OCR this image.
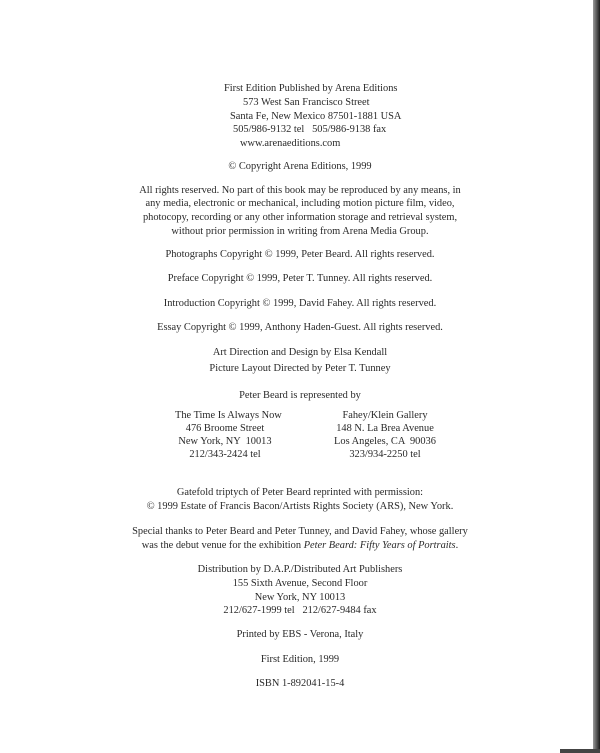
First Edition Published by Arena Editions
573 West San Francisco Street
Santa Fe, New Mexico 87501-1881 USA
505/986-9132 tel   505/986-9138 fax
www.arenaeditions.com
© Copyright Arena Editions, 1999
All rights reserved. No part of this book may be reproduced by any means, in
any media, electronic or mechanical, including motion picture film, video,
photocopy, recording or any other information storage and retrieval system,
without prior permission in writing from Arena Media Group.
Photographs Copyright © 1999, Peter Beard. All rights reserved.
Preface Copyright © 1999, Peter T. Tunney. All rights reserved.
Introduction Copyright © 1999, David Fahey. All rights reserved.
Essay Copyright © 1999, Anthony Haden-Guest. All rights reserved.
Art Direction and Design by Elsa Kendall
Picture Layout Directed by Peter T. Tunney
Peter Beard is represented by
The Time Is Always Now
476 Broome Street
New York, NY  10013
212/343-2424 tel
Fahey/Klein Gallery
148 N. La Brea Avenue
Los Angeles, CA  90036
323/934-2250 tel
Gatefold triptych of Peter Beard reprinted with permission:
© 1999 Estate of Francis Bacon/Artists Rights Society (ARS), New York.
Special thanks to Peter Beard and Peter Tunney, and David Fahey, whose gallery
was the debut venue for the exhibition Peter Beard: Fifty Years of Portraits.
Distribution by D.A.P./Distributed Art Publishers
155 Sixth Avenue, Second Floor
New York, NY 10013
212/627-1999 tel   212/627-9484 fax
Printed by EBS - Verona, Italy
First Edition, 1999
ISBN 1-892041-15-4
